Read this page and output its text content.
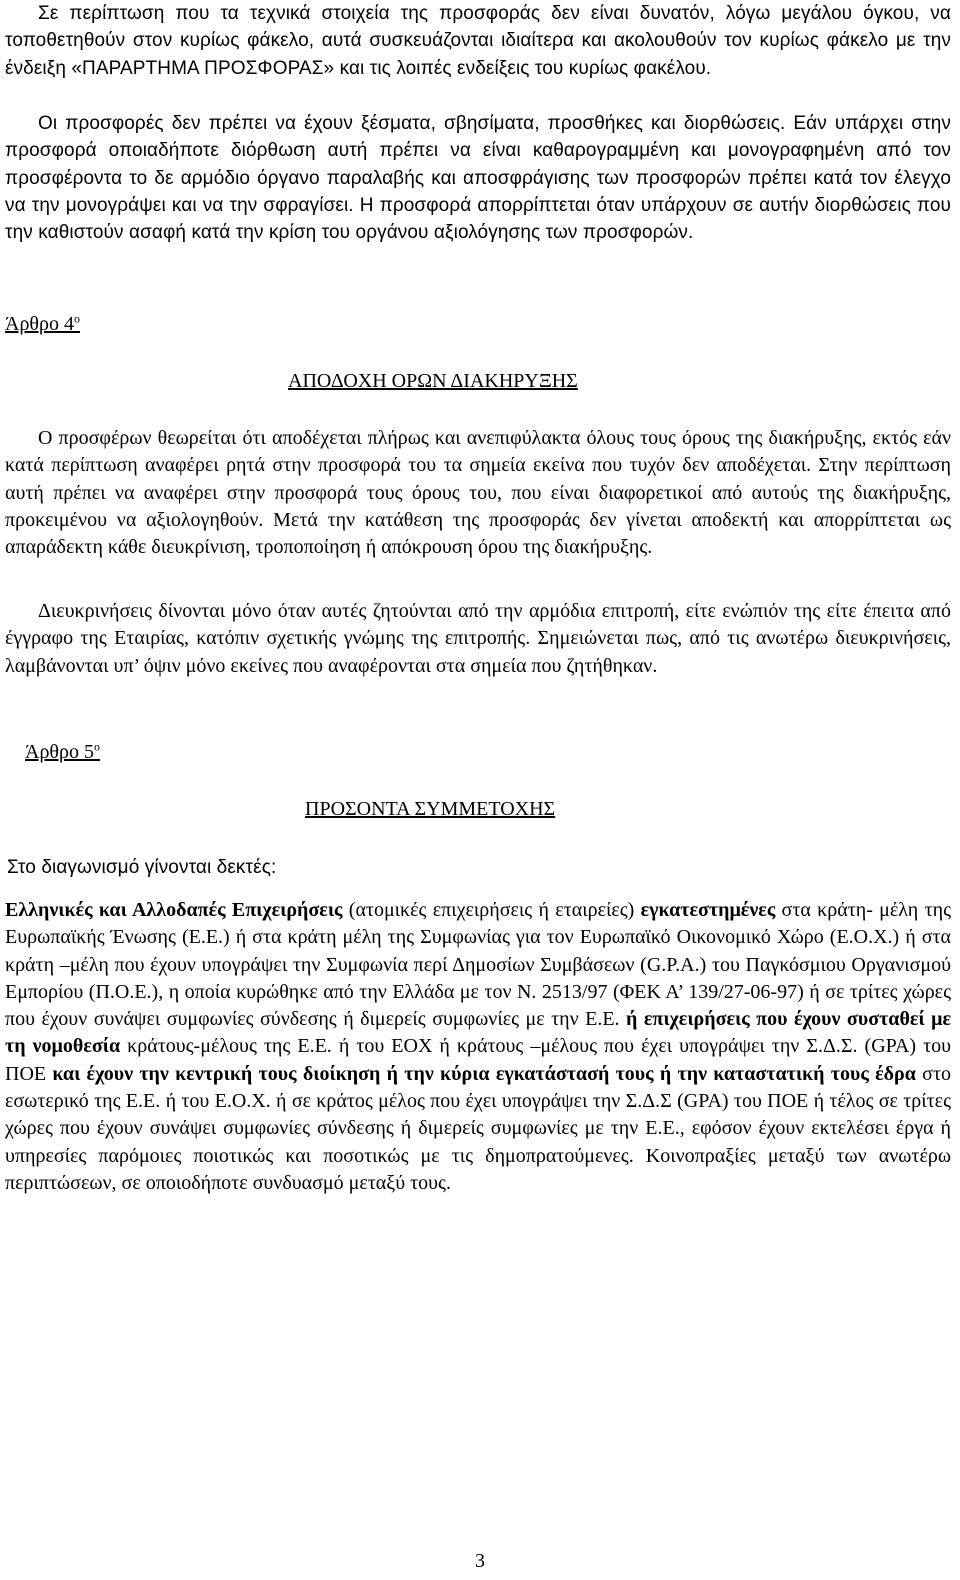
Σε περίπτωση που τα τεχνικά στοιχεία της προσφοράς δεν είναι δυνατόν, λόγω μεγάλου όγκου, να τοποθετηθούν στον κυρίως φάκελο, αυτά συσκευάζονται ιδιαίτερα και ακολουθούν τον κυρίως φάκελο με την ένδειξη «ΠΑΡΑΡΤΗΜΑ ΠΡΟΣΦΟΡΑΣ» και τις λοιπές ενδείξεις του κυρίως φακέλου.

Οι προσφορές δεν πρέπει να έχουν ξέσματα, σβησίματα, προσθήκες και διορθώσεις. Εάν υπάρχει στην προσφορά οποιαδήποτε διόρθωση αυτή πρέπει να είναι καθαρογραμμένη και μονογραφημένη από τον προσφέροντα το δε αρμόδιο όργανο παραλαβής και αποσφράγισης των προσφορών πρέπει κατά τον έλεγχο να την μονογράψει και να την σφραγίσει. Η προσφορά απορρίπτεται όταν υπάρχουν σε αυτήν διορθώσεις που την καθιστούν ασαφή κατά την κρίση του οργάνου αξιολόγησης των προσφορών.

Άρθρο $4^o$
ΑΠΟΔΟΧΗ ΟΡΩΝ ΔΙΑΚΗΡΥΞΗΣ

Ο προσφέρων θεωρείται ότι αποδέχεται πλήρως και ανεπιφύλακτα όλους τους όρους της διακήρυξης, εκτός εάν κατά περίπτωση αναφέρει ρητά στην προσφορά του τα σημεία εκείνα που τυχόν δεν αποδέχεται. Στην περίπτωση αυτή πρέπει να αναφέρει στην προσφορά τους όρους του, που είναι διαφορετικοί από αυτούς της διακήρυξης, προκειμένου να αξιολογηθούν. Μετά την κατάθεση της προσφοράς δεν γίνεται αποδεκτή και απορρίπτεται ως απαράδεκτη κάθε διευκρίνιση, τροποποίηση ή απόκρουση όρου της διακήρυξης.

Διευκρινήσεις δίνονται μόνο όταν αυτές ζητούνται από την αρμόδια επιτροπή, είτε ενώπιόν της είτε έπειτα από έγγραφο της Εταιρίας, κατόπιν σχετικής γνώμης της επιτροπής. Σημειώνεται πως, από τις ανωτέρω διευκρινήσεις, λαμβάνονται υπ’ όψιν μόνο εκείνες που αναφέρονται στα σημεία που ζητήθηκαν.

Άρθρο $5^o$
ΠΡΟΣΟΝΤΑ ΣΥΜΜΕΤΟΧΗΣ

Στο διαγωνισμό γίνονται δεκτές:

Ελληνικές και Αλλοδαπές Επιχειρήσεις (ατομικές επιχειρήσεις ή εταιρείες) εγκατεστημένες στα κράτη- μέλη της Ευρωπαϊκής Ένωσης (Ε.Ε.) ή στα κράτη μέλη της Συμφωνίας για τον Ευρωπαϊκό Οικονομικό Χώρο (Ε.Ο.Χ.) ή στα κράτη –μέλη που έχουν υπογράψει την Συμφωνία περί Δημοσίων Συμβάσεων (G.P.A.) του Παγκόσμιου Οργανισμού Εμπορίου (Π.Ο.Ε.), η οποία κυρώθηκε από την Ελλάδα με τον Ν. 2513/97 (ΦΕΚ Α’ 139/27-06-97) ή σε τρίτες χώρες που έχουν συνάψει συμφωνίες σύνδεσης ή διμερείς συμφωνίες με την Ε.Ε. ή επιχειρήσεις που έχουν συσταθεί με τη νομοθεσία κράτους-μέλους της Ε.Ε. ή του ΕΟΧ ή κράτους –μέλους που έχει υπογράψει την Σ.Δ.Σ. (GPA) του ΠΟΕ και έχουν την κεντρική τους διοίκηση ή την κύρια εγκατάστασή τους ή την καταστατική τους έδρα στο εσωτερικό της Ε.Ε. ή του Ε.Ο.Χ. ή σε κράτος μέλος που έχει υπογράψει την Σ.Δ.Σ (GPA) του ΠΟΕ ή τέλος σε τρίτες χώρες που έχουν συνάψει συμφωνίες σύνδεσης ή διμερείς συμφωνίες με την Ε.Ε., εφόσον έχουν εκτελέσει έργα ή υπηρεσίες παρόμοιες ποιοτικώς και ποσοτικώς με τις δημοπρατούμενες. Κοινοπραξίες μεταξύ των ανωτέρω περιπτώσεων, σε οποιοδήποτε συνδυασμό μεταξύ τους.

3
